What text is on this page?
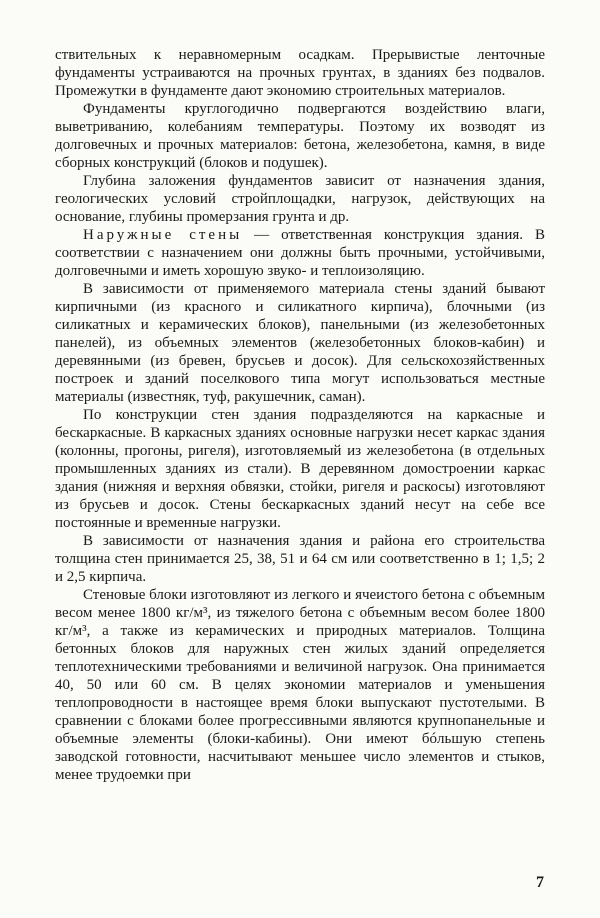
ствительных к неравномерным осадкам. Прерывистые ленточные фундаменты устраиваются на прочных грунтах, в зданиях без подвалов. Промежутки в фундаменте дают экономию строительных материалов.

Фундаменты круглогодично подвергаются воздействию влаги, выветриванию, колебаниям температуры. Поэтому их возводят из долговечных и прочных материалов: бетона, железобетона, камня, в виде сборных конструкций (блоков и подушек).

Глубина заложения фундаментов зависит от назначения здания, геологических условий стройплощадки, нагрузок, действующих на основание, глубины промерзания грунта и др.

Наружные стены — ответственная конструкция здания. В соответствии с назначением они должны быть прочными, устойчивыми, долговечными и иметь хорошую звуко- и теплоизоляцию.

В зависимости от применяемого материала стены зданий бывают кирпичными (из красного и силикатного кирпича), блочными (из силикатных и керамических блоков), панельными (из железобетонных панелей), из объемных элементов (железобетонных блоков-кабин) и деревянными (из бревен, брусьев и досок). Для сельскохозяйственных построек и зданий поселкового типа могут использоваться местные материалы (известняк, туф, ракушечник, саман).

По конструкции стен здания подразделяются на каркасные и бескаркасные. В каркасных зданиях основные нагрузки несет каркас здания (колонны, прогоны, ригеля), изготовляемый из железобетона (в отдельных промышленных зданиях из стали). В деревянном домостроении каркас здания (нижняя и верхняя обвязки, стойки, ригеля и раскосы) изготовляют из брусьев и досок. Стены бескаркасных зданий несут на себе все постоянные и временные нагрузки.

В зависимости от назначения здания и района его строительства толщина стен принимается 25, 38, 51 и 64 см или соответственно в 1; 1,5; 2 и 2,5 кирпича.

Стеновые блоки изготовляют из легкого и ячеистого бетона с объемным весом менее 1800 кг/м³, из тяжелого бетона с объемным весом более 1800 кг/м³, а также из керамических и природных материалов. Толщина бетонных блоков для наружных стен жилых зданий определяется теплотехническими требованиями и величиной нагрузок. Она принимается 40, 50 или 60 см. В целях экономии материалов и уменьшения теплопроводности в настоящее время блоки выпускают пустотелыми. В сравнении с блоками более прогрессивными являются крупнопанельные и объемные элементы (блоки-кабины). Они имеют бóльшую степень заводской готовности, насчитывают меньшее число элементов и стыков, менее трудоемки при

7
